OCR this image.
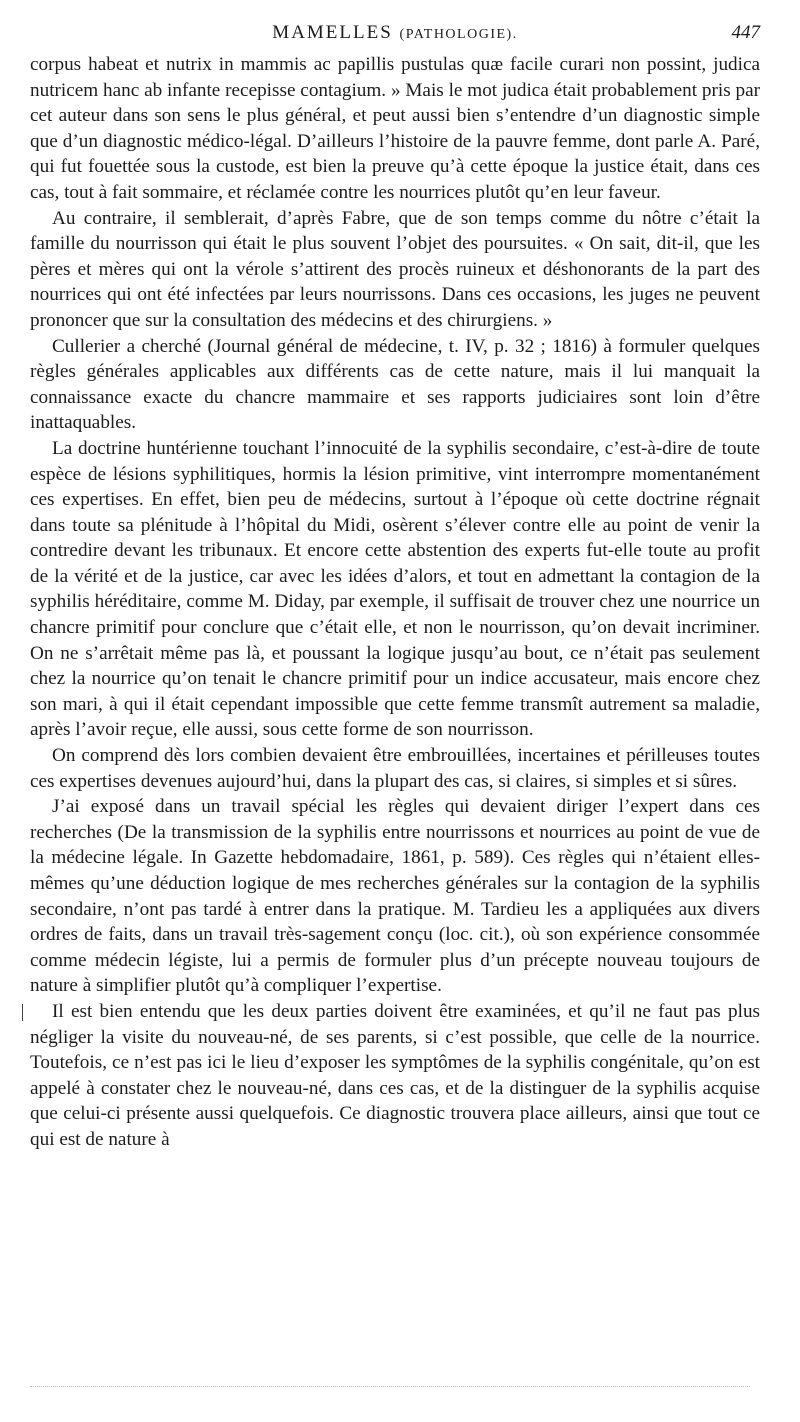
MAMELLES (PATHOLOGIE).	447

corpus habeat et nutrix in mammis ac papillis pustulas quæ facile curari non possint, judica nutricem hanc ab infante recepisse contagium. » Mais le mot judica était probablement pris par cet auteur dans son sens le plus général, et peut aussi bien s’entendre d’un diagnostic simple que d’un diagnostic médico-légal. D’ailleurs l’histoire de la pauvre femme, dont parle A. Paré, qui fut fouettée sous la custode, est bien la preuve qu’à cette époque la justice était, dans ces cas, tout à fait sommaire, et réclamée contre les nourrices plutôt qu’en leur faveur.

Au contraire, il semblerait, d’après Fabre, que de son temps comme du nôtre c’était la famille du nourrisson qui était le plus souvent l’objet des poursuites. « On sait, dit-il, que les pères et mères qui ont la vérole s’attirent des procès ruineux et déshonorants de la part des nourrices qui ont été infectées par leurs nourrissons. Dans ces occasions, les juges ne peuvent prononcer que sur la consultation des médecins et des chirurgiens. »

Cullerier a cherché (Journal général de médecine, t. IV, p. 32 ; 1816) à formuler quelques règles générales applicables aux différents cas de cette nature, mais il lui manquait la connaissance exacte du chancre mammaire et ses rapports judiciaires sont loin d’être inattaquables.

La doctrine huntérienne touchant l’innocuité de la syphilis secondaire, c’est-à-dire de toute espèce de lésions syphilitiques, hormis la lésion primitive, vint interrompre momentanément ces expertises. En effet, bien peu de médecins, surtout à l’époque où cette doctrine régnait dans toute sa plénitude à l’hôpital du Midi, osèrent s’élever contre elle au point de venir la contredire devant les tribunaux. Et encore cette abstention des experts fut-elle toute au profit de la vérité et de la justice, car avec les idées d’alors, et tout en admettant la contagion de la syphilis héréditaire, comme M. Diday, par exemple, il suffisait de trouver chez une nourrice un chancre primitif pour conclure que c’était elle, et non le nourrisson, qu’on devait incriminer. On ne s’arrêtait même pas là, et poussant la logique jusqu’au bout, ce n’était pas seulement chez la nourrice qu’on tenait le chancre primitif pour un indice accusateur, mais encore chez son mari, à qui il était cependant impossible que cette femme transmît autrement sa maladie, après l’avoir reçue, elle aussi, sous cette forme de son nourrisson.

On comprend dès lors combien devaient être embrouillées, incertaines et périlleuses toutes ces expertises devenues aujourd’hui, dans la plupart des cas, si claires, si simples et si sûres.

J’ai exposé dans un travail spécial les règles qui devaient diriger l’expert dans ces recherches (De la transmission de la syphilis entre nourrissons et nourrices au point de vue de la médecine légale. In Gazette hebdomadaire, 1861, p. 589). Ces règles qui n’étaient elles-mêmes qu’une déduction logique de mes recherches générales sur la contagion de la syphilis secondaire, n’ont pas tardé à entrer dans la pratique. M. Tardieu les a appliquées aux divers ordres de faits, dans un travail très-sagement conçu (loc. cit.), où son expérience consommée comme médecin légiste, lui a permis de formuler plus d’un précepte nouveau toujours de nature à simplifier plutôt qu’à compliquer l’expertise.

Il est bien entendu que les deux parties doivent être examinées, et qu’il ne faut pas plus négliger la visite du nouveau-né, de ses parents, si c’est possible, que celle de la nourrice. Toutefois, ce n’est pas ici le lieu d’exposer les symptômes de la syphilis congénitale, qu’on est appelé à constater chez le nouveau-né, dans ces cas, et de la distinguer de la syphilis acquise que celui-ci présente aussi quelquefois. Ce diagnostic trouvera place ailleurs, ainsi que tout ce qui est de nature à
